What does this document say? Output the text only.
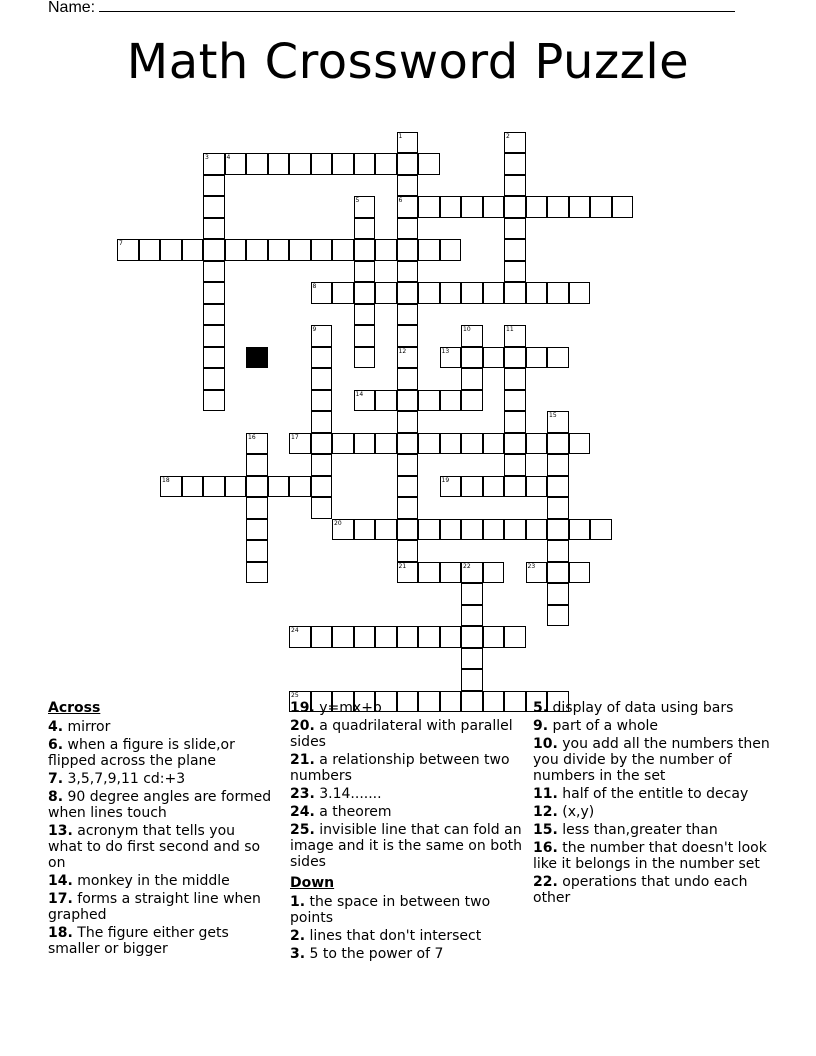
Name:
Math Crossword Puzzle
1
6
12
2
3	4
5
7
8
9	10	11
21
13
14
15
16	17
18	19
20
22	23
24
25
Across
4. mirror
6. when a figure is slide,or flipped across the plane
7. 3,5,7,9,11 cd:+3
8. 90 degree angles are formed when lines touch
13. acronym that tells you what to do first second and so on
14. monkey in the middle
17. forms a straight line when graphed
18. The figure either gets smaller or bigger
19. y=mx+b
20. a quadrilateral with parallel sides
21. a relationship between two numbers
23. 3.14.......
24. a theorem
25. invisible line that can fold an image and it is the same on both sides
Down
1. the space in between two points
2. lines that don't intersect
3. 5 to the power of 7
5. display of data using bars
9. part of a whole
10. you add all the numbers then you divide by the number of numbers in the set
11. half of the entitle to decay
12. (x,y)
15. less than,greater than
16. the number that doesn't look like it belongs in the number set
22. operations that undo each other
